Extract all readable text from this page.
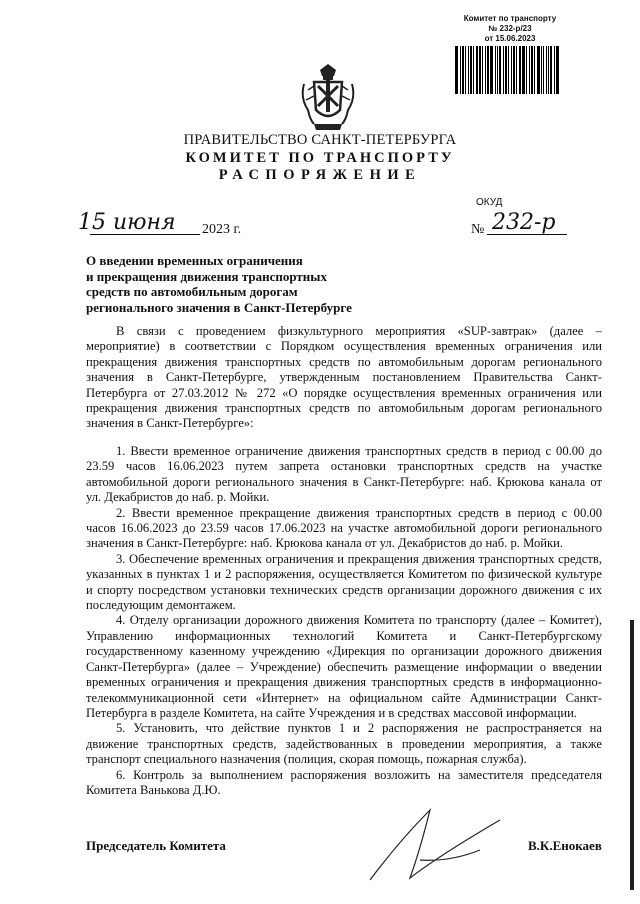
Комитет по транспорту
№ 232-р/23
от 15.06.2023
ПРАВИТЕЛЬСТВО САНКТ-ПЕТЕРБУРГА
КОМИТЕТ ПО ТРАНСПОРТУ
РАСПОРЯЖЕНИЕ
ОКУД
15 июня 2023 г.	№ 232-р
О введении временных ограничения
и прекращения движения транспортных
средств по автомобильным дорогам
регионального значения в Санкт-Петербурге
В связи с проведением физкультурного мероприятия «SUP-завтрак» (далее – мероприятие) в соответствии с Порядком осуществления временных ограничения или прекращения движения транспортных средств по автомобильным дорогам регионального значения в Санкт-Петербурге, утвержденным постановлением Правительства Санкт-Петербурга от 27.03.2012 № 272 «О порядке осуществления временных ограничения или прекращения движения транспортных средств по автомобильным дорогам регионального значения в Санкт-Петербурге»:

1. Ввести временное ограничение движения транспортных средств в период с 00.00 до 23.59 часов 16.06.2023 путем запрета остановки транспортных средств на участке автомобильной дороги регионального значения в Санкт-Петербурге: наб. Крюкова канала от ул. Декабристов до наб. р. Мойки.

2. Ввести временное прекращение движения транспортных средств в период с 00.00 часов 16.06.2023 до 23.59 часов 17.06.2023 на участке автомобильной дороги регионального значения в Санкт-Петербурге: наб. Крюкова канала от ул. Декабристов до наб. р. Мойки.

3. Обеспечение временных ограничения и прекращения движения транспортных средств, указанных в пунктах 1 и 2 распоряжения, осуществляется Комитетом по физической культуре и спорту посредством установки технических средств организации дорожного движения с их последующим демонтажем.

4. Отделу организации дорожного движения Комитета по транспорту (далее – Комитет), Управлению информационных технологий Комитета и Санкт-Петербургскому государственному казенному учреждению «Дирекция по организации дорожного движения Санкт-Петербурга» (далее – Учреждение) обеспечить размещение информации о введении временных ограничения и прекращения движения транспортных средств в информационно-телекоммуникационной сети «Интернет» на официальном сайте Администрации Санкт-Петербурга в разделе Комитета, на сайте Учреждения и в средствах массовой информации.

5. Установить, что действие пунктов 1 и 2 распоряжения не распространяется на движение транспортных средств, задействованных в проведении мероприятия, а также транспорт специального назначения (полиция, скорая помощь, пожарная служба).

6. Контроль за выполнением распоряжения возложить на заместителя председателя Комитета Ванькова Д.Ю.

Председатель Комитета	В.К.Енокаев
